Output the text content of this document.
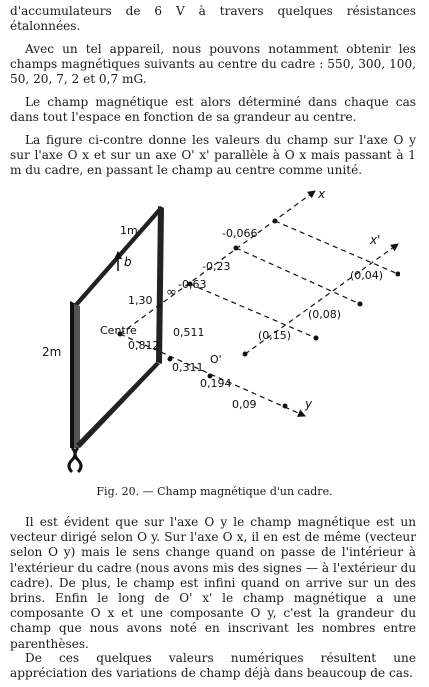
d'accumulateurs de 6 V à travers quelques résistances étalonnées.

Avec un tel appareil, nous pouvons notamment obtenir les champs magnétiques suivants au centre du cadre : 550, 300, 100, 50, 20, 7, 2 et 0,7 mG.

Le champ magnétique est alors déterminé dans chaque cas dans tout l'espace en fonction de sa grandeur au centre.

La figure ci-contre donne les valeurs du champ sur l'axe O y sur l'axe O x et sur un axe O' x' parallèle à O x mais passant à 1 m du cadre, en passant le champ au centre comme unité.

b
1m
2m
Centre
x
x'
y
O'
∞
1,30
-0,63
-0,23
-0,066
0,812
0,511
0,311
0,194
0,09
(0,15)
(0,08)
(0,04)
Fig. 20. — Champ magnétique d'un cadre.

Il est évident que sur l'axe O y le champ magnétique est un vecteur dirigé selon O y. Sur l'axe O x, il en est de même (vecteur selon O y) mais le sens change quand on passe de l'intérieur à l'extérieur du cadre (nous avons mis des signes — à l'extérieur du cadre). De plus, le champ est infini quand on arrive sur un des brins. Enfin le long de O' x' le champ magnétique a une composante O x et une composante O y, c'est la grandeur du champ que nous avons noté en inscrivant les nombres entre parenthèses.

De ces quelques valeurs numériques résultent une appréciation des variations de champ déjà dans beaucoup de cas.
